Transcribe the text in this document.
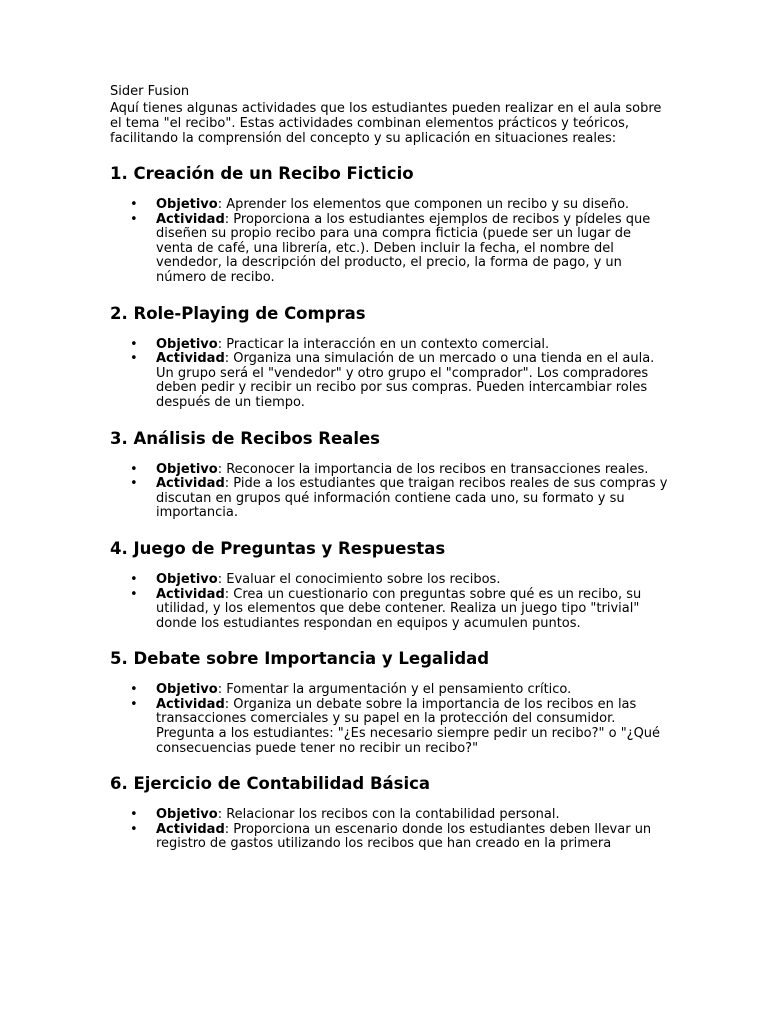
Sider Fusion

Aquí tienes algunas actividades que los estudiantes pueden realizar en el aula sobre el tema "el recibo". Estas actividades combinan elementos prácticos y teóricos, facilitando la comprensión del concepto y su aplicación en situaciones reales:

1. Creación de un Recibo Ficticio
• Objetivo: Aprender los elementos que componen un recibo y su diseño.
• Actividad: Proporciona a los estudiantes ejemplos de recibos y pídeles que diseñen su propio recibo para una compra ficticia (puede ser un lugar de venta de café, una librería, etc.). Deben incluir la fecha, el nombre del vendedor, la descripción del producto, el precio, la forma de pago, y un número de recibo.
2. Role-Playing de Compras
• Objetivo: Practicar la interacción en un contexto comercial.
• Actividad: Organiza una simulación de un mercado o una tienda en el aula. Un grupo será el "vendedor" y otro grupo el "comprador". Los compradores deben pedir y recibir un recibo por sus compras. Pueden intercambiar roles después de un tiempo.
3. Análisis de Recibos Reales
• Objetivo: Reconocer la importancia de los recibos en transacciones reales.
• Actividad: Pide a los estudiantes que traigan recibos reales de sus compras y discutan en grupos qué información contiene cada uno, su formato y su importancia.
4. Juego de Preguntas y Respuestas
• Objetivo: Evaluar el conocimiento sobre los recibos.
• Actividad: Crea un cuestionario con preguntas sobre qué es un recibo, su utilidad, y los elementos que debe contener. Realiza un juego tipo "trivial" donde los estudiantes respondan en equipos y acumulen puntos.
5. Debate sobre Importancia y Legalidad
• Objetivo: Fomentar la argumentación y el pensamiento crítico.
• Actividad: Organiza un debate sobre la importancia de los recibos en las transacciones comerciales y su papel en la protección del consumidor. Pregunta a los estudiantes: "¿Es necesario siempre pedir un recibo?" o "¿Qué consecuencias puede tener no recibir un recibo?"
6. Ejercicio de Contabilidad Básica
• Objetivo: Relacionar los recibos con la contabilidad personal.
• Actividad: Proporciona un escenario donde los estudiantes deben llevar un registro de gastos utilizando los recibos que han creado en la primera
